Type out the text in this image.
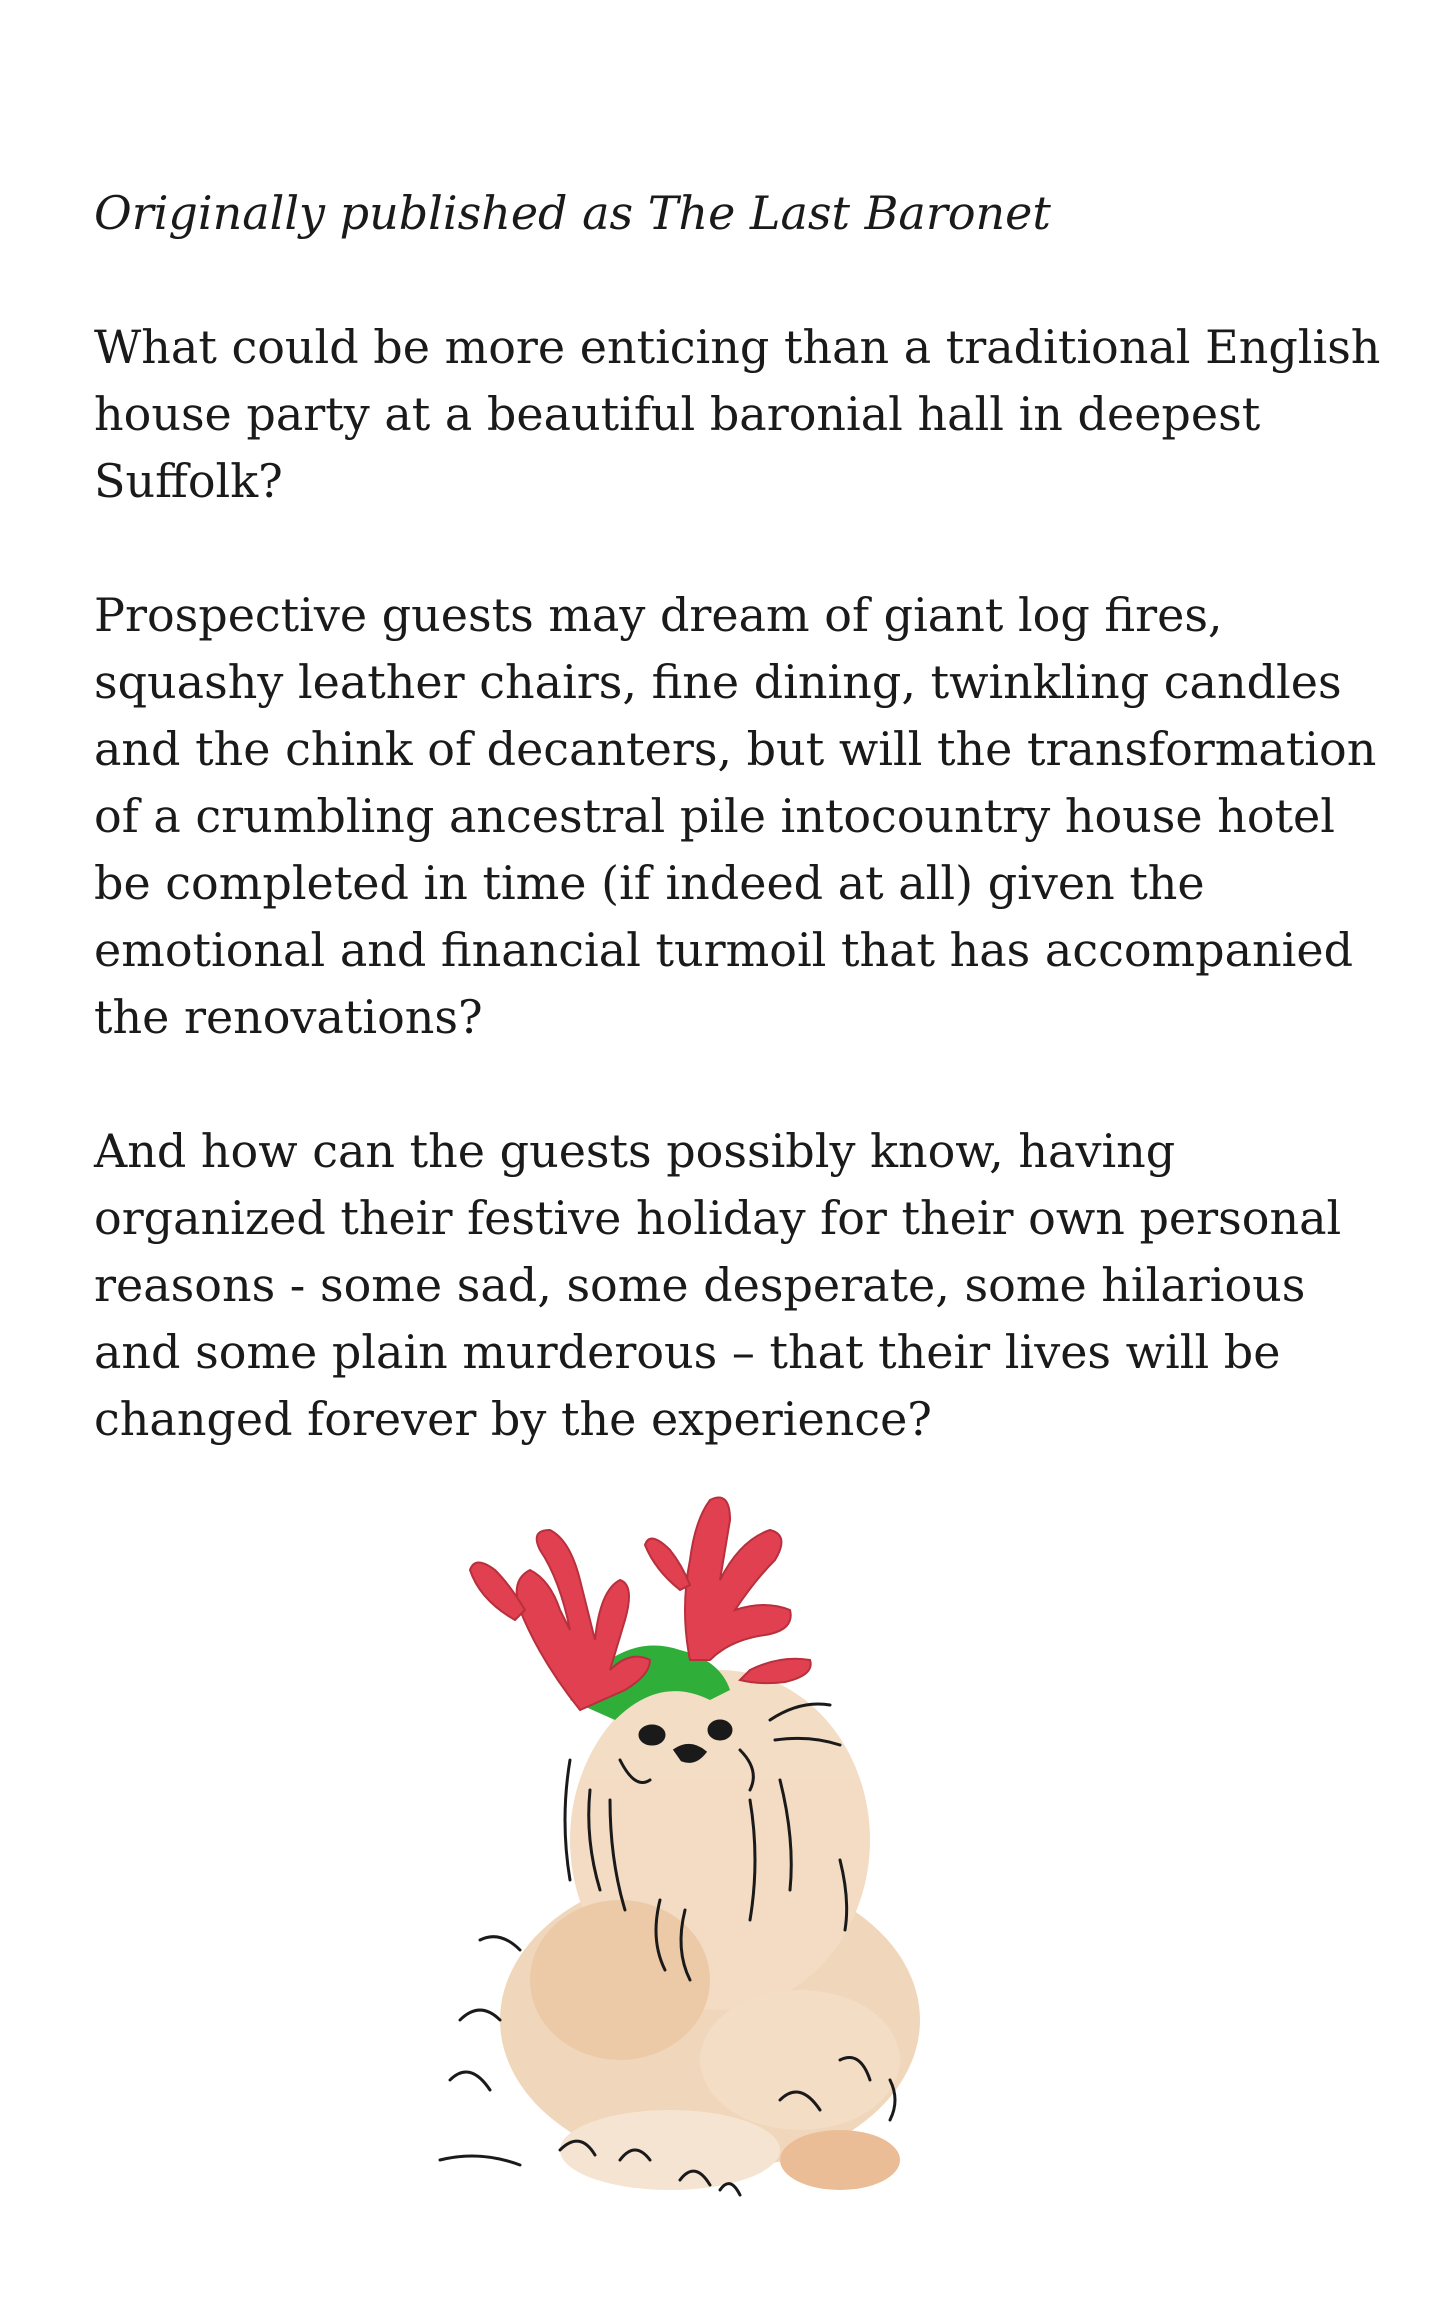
Originally published as The Last Baronet

What could be more enticing than a traditional English house party at a beautiful baronial hall in deepest Suffolk?

Prospective guests may dream of giant log fires, squashy leather chairs, fine dining, twinkling candles and the chink of decanters, but will the transformation of a crumbling ancestral pile intocountry house hotel be completed in time (if indeed at all) given the emotional and financial turmoil that has accompanied the renovations?

And how can the guests possibly know, having organized their festive holiday for their own personal reasons - some sad, some desperate, some hilarious and some plain murderous – that their lives will be changed forever by the experience?
